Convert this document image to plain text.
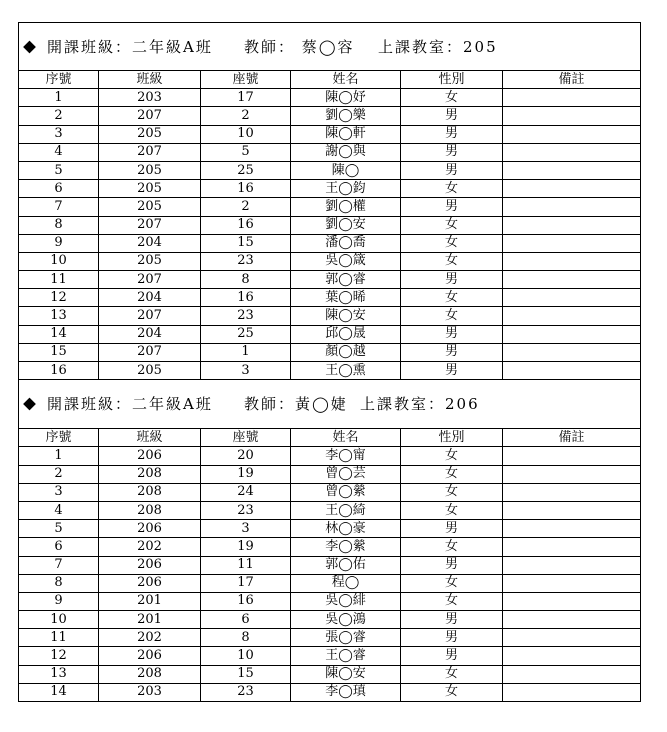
開課班級：二年級A班 教師： 蔡◯容 上課教室：205
序號	班級	座號	姓名	性別	備註
1	203	17	陳◯妤	女	
2	207	2	劉◯樂	男	
3	205	10	陳◯軒	男	
4	207	5	謝◯與	男	
5	205	25	陳◯	男	
6	205	16	王◯鈞	女	
7	205	2	劉◯權	男	
8	207	16	劉◯安	女	
9	204	15	潘◯喬	女	
10	205	23	吳◯箴	女	
11	207	8	郭◯睿	男	
12	204	16	葉◯晞	女	
13	207	23	陳◯安	女	
14	204	25	邱◯晟	男	
15	207	1	顏◯越	男	
16	205	3	王◯熏	男	
開課班級：二年級A班 教師：黃◯婕 上課教室：206
序號	班級	座號	姓名	性別	備註
1	206	20	李◯甯	女	
2	208	19	曾◯芸	女	
3	208	24	曾◯縈	女	
4	208	23	王◯綺	女	
5	206	3	林◯豪	男	
6	202	19	李◯縈	女	
7	206	11	郭◯佑	男	
8	206	17	程◯	女	
9	201	16	吳◯緋	女	
10	201	6	吳◯鴻	男	
11	202	8	張◯睿	男	
12	206	10	王◯睿	男	
13	208	15	陳◯安	女	
14	203	23	李◯瑱	女	
